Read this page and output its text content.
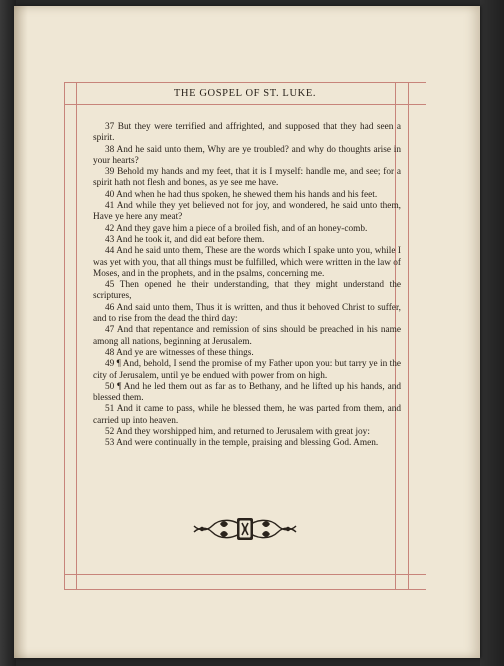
THE GOSPEL OF ST. LUKE.

37 But they were terrified and affrighted, and supposed that they had seen a spirit.

38 And he said unto them, Why are ye troubled? and why do thoughts arise in your hearts?

39 Behold my hands and my feet, that it is I myself: handle me, and see; for a spirit hath not flesh and bones, as ye see me have.

40 And when he had thus spoken, he shewed them his hands and his feet.

41 And while they yet believed not for joy, and wondered, he said unto them, Have ye here any meat?

42 And they gave him a piece of a broiled fish, and of an honey-comb.

43 And he took it, and did eat before them.

44 And he said unto them, These are the words which I spake unto you, while I was yet with you, that all things must be fulfilled, which were written in the law of Moses, and in the prophets, and in the psalms, concerning me.

45 Then opened he their understanding, that they might understand the scriptures,

46 And said unto them, Thus it is written, and thus it behoved Christ to suffer, and to rise from the dead the third day:

47 And that repentance and remission of sins should be preached in his name among all nations, beginning at Jerusalem.

48 And ye are witnesses of these things.

49 ¶ And, behold, I send the promise of my Father upon you: but tarry ye in the city of Jerusalem, until ye be endued with power from on high.

50 ¶ And he led them out as far as to Bethany, and he lifted up his hands, and blessed them.

51 And it came to pass, while he blessed them, he was parted from them, and carried up into heaven.

52 And they worshipped him, and returned to Jerusalem with great joy:

53 And were continually in the temple, praising and blessing God. Amen.
